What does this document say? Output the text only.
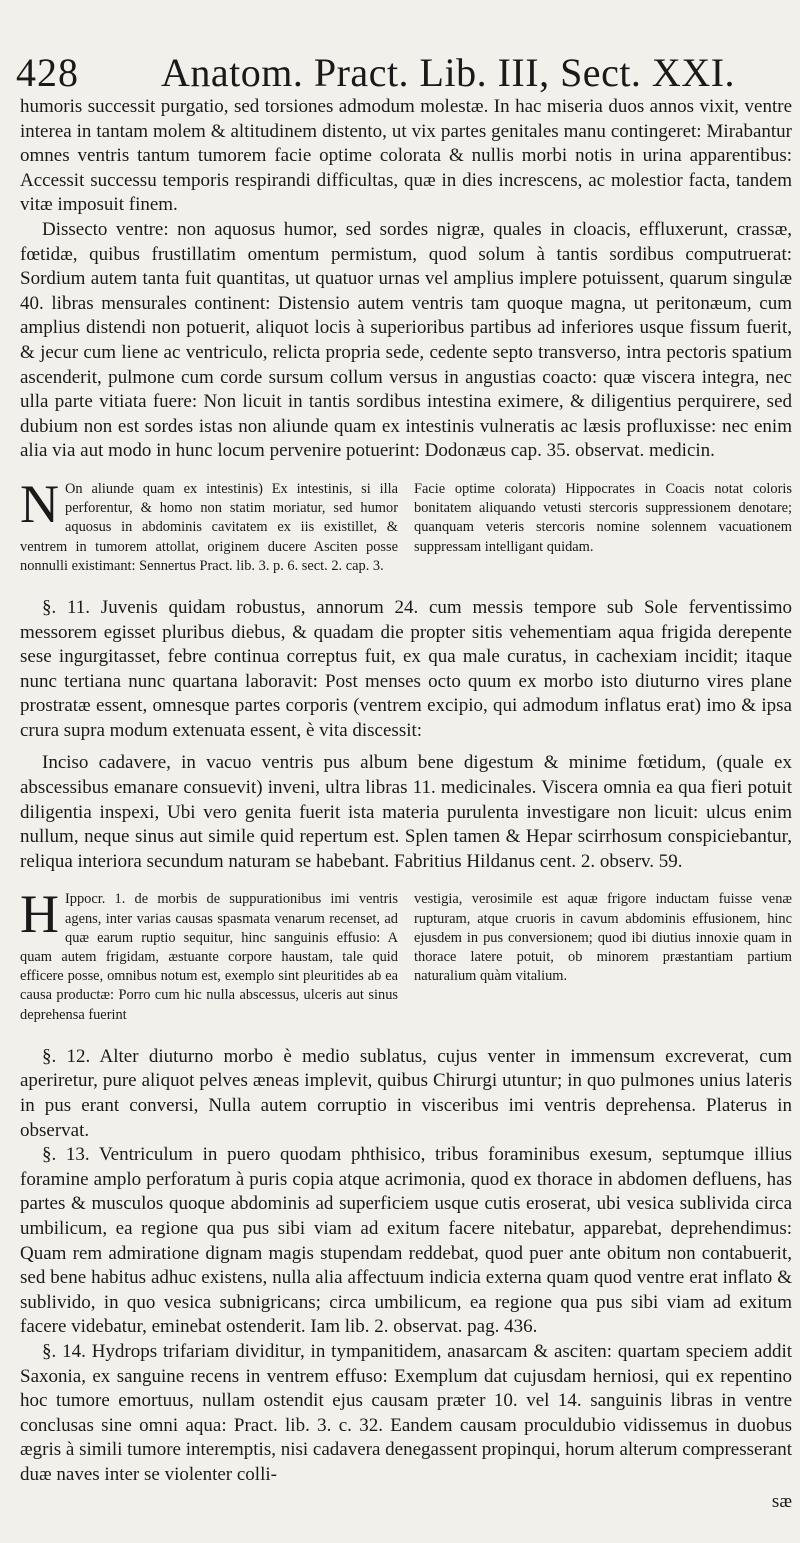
428 Anatom. Pract. Lib. III, Sect. XXI.

humoris successit purgatio, sed torsiones admodum molestæ. In hac miseria duos annos vixit, ventre interea in tantam molem & altitudinem distento, ut vix partes genitales manu contingeret: Mirabantur omnes ventris tantum tumorem facie optime colorata & nullis morbi notis in urina apparentibus: Accessit successu temporis respirandi difficultas, quæ in dies increscens, ac molestior facta, tandem vitæ imposuit finem.

Dissecto ventre: non aquosus humor, sed sordes nigræ, quales in cloacis, effluxerunt, crassæ, fœtidæ, quibus frustillatim omentum permistum, quod solum à tantis sordibus computruerat: Sordium autem tanta fuit quantitas, ut quatuor urnas vel amplius implere potuissent, quarum singulæ 40. libras mensurales continent: Distensio autem ventris tam quoque magna, ut peritonæum, cum amplius distendi non potuerit, aliquot locis à superioribus partibus ad inferiores usque fissum fuerit, & jecur cum liene ac ventriculo, relicta propria sede, cedente septo transverso, intra pectoris spatium ascenderit, pulmone cum corde sursum collum versus in angustias coacto: quæ viscera integra, nec ulla parte vitiata fuere: Non licuit in tantis sordibus intestina eximere, & diligentius perquirere, sed dubium non est sordes istas non aliunde quam ex intestinis vulneratis ac læsis profluxisse: nec enim alia via aut modo in hunc locum pervenire potuerint: Dodonæus cap. 35. observat. medicin.

N On aliunde quam ex intestinis) Ex intestinis, si illa perforentur, & homo non statim moriatur, sed humor aquosus in abdominis cavitatem ex iis existillet, & ventrem in tumorem attollat, originem ducere Asciten posse nonnulli existimant: Sennertus Pract. lib. 3. p. 6. sect. 2. cap. 3.
Facie optime colorata) Hippocrates in Coacis notat coloris bonitatem aliquando vetusti stercoris suppressionem denotare; quanquam veteris stercoris nomine solennem vacuationem suppressam intelligant quidam.

§. 11. Juvenis quidam robustus, annorum 24. cum messis tempore sub Sole ferventissimo messorem egisset pluribus diebus, & quadam die propter sitis vehementiam aqua frigida derepente sese ingurgitasset, febre continua correptus fuit, ex qua male curatus, in cachexiam incidit; itaque nunc tertiana nunc quartana laboravit: Post menses octo quum ex morbo isto diuturno vires plane prostratæ essent, omnesque partes corporis (ventrem excipio, qui admodum inflatus erat) imo & ipsa crura supra modum extenuata essent, è vita discessit:

Inciso cadavere, in vacuo ventris pus album bene digestum & minime fœtidum, (quale ex abscessibus emanare consuevit) inveni, ultra libras 11. medicinales. Viscera omnia ea qua fieri potuit diligentia inspexi, Ubi vero genita fuerit ista materia purulenta investigare non licuit: ulcus enim nullum, neque sinus aut simile quid repertum est. Splen tamen & Hepar scirrhosum conspiciebantur, reliqua interiora secundum naturam se habebant. Fabritius Hildanus cent. 2. observ. 59.

H Ippocr. 1. de morbis de suppurationibus imi ventris agens, inter varias causas spasmata venarum recenset, ad quæ earum ruptio sequitur, hinc sanguinis effusio: A quam autem frigidam, æstuante corpore haustam, tale quid efficere posse, omnibus notum est, exemplo sint pleuritides ab ea causa productæ: Porro cum hic nulla abscessus, ulceris aut sinus deprehensa fuerint
vestigia, verosimile est aquæ frigore inductam fuisse venæ rupturam, atque cruoris in cavum abdominis effusionem, hinc ejusdem in pus conversionem; quod ibi diutius innoxie quam in thorace latere potuit, ob minorem præstantiam partium naturalium quàm vitalium.

§. 12. Alter diuturno morbo è medio sublatus, cujus venter in immensum excreverat, cum aperiretur, pure aliquot pelves æneas implevit, quibus Chirurgi utuntur; in quo pulmones unius lateris in pus erant conversi, Nulla autem corruptio in visceribus imi ventris deprehensa. Platerus in observat.

§. 13. Ventriculum in puero quodam phthisico, tribus foraminibus exesum, septumque illius foramine amplo perforatum à puris copia atque acrimonia, quod ex thorace in abdomen defluens, has partes & musculos quoque abdominis ad superficiem usque cutis eroserat, ubi vesica sublivida circa umbilicum, ea regione qua pus sibi viam ad exitum facere nitebatur, apparebat, deprehendimus: Quam rem admiratione dignam magis stupendam reddebat, quod puer ante obitum non contabuerit, sed bene habitus adhuc existens, nulla alia affectuum indicia externa quam quod ventre erat inflato & sublivido, in quo vesica subnigricans; circa umbilicum, ea regione qua pus sibi viam ad exitum facere videbatur, eminebat ostenderit. Iam lib. 2. observat. pag. 436.

§. 14. Hydrops trifariam dividitur, in tympanitidem, anasarcam & asciten: quartam speciem addit Saxonia, ex sanguine recens in ventrem effuso: Exemplum dat cujusdam herniosi, qui ex repentino hoc tumore emortuus, nullam ostendit ejus causam præter 10. vel 14. sanguinis libras in ventre conclusas sine omni aqua: Pract. lib. 3. c. 32. Eandem causam proculdubio vidissemus in duobus ægris à simili tumore interemptis, nisi cadavera denegassent propinqui, horum alterum compresserant duæ naves inter se violenter colli-

sæ
